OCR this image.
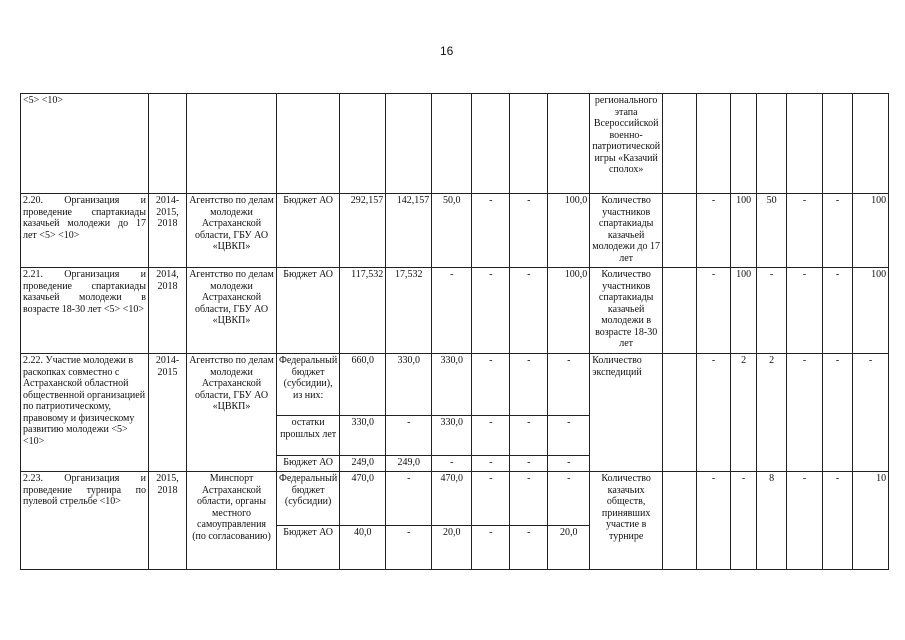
16
<5> <10>										регионального этапа Всероссийской военно-патриотической игры «Казачий сполох»							
2.20. Организация и проведение спартакиады казачьей молодежи до 17 лет <5> <10>	2014-2015, 2018	Агентство по делам молодежи Астраханской области, ГБУ АО «ЦВКП»	Бюджет АО	292,157	142,157	50,0	-	-	100,0	Количество участников спартакиады казачьей молодежи до 17 лет		-	100	50	-	-	100
2.21. Организация и проведение спартакиады казачьей молодежи в возрасте 18-30 лет <5> <10>	2014, 2018	Агентство по делам молодежи Астраханской области, ГБУ АО «ЦВКП»	Бюджет АО	117,532	17,532	-	-	-	100,0	Количество участников спартакиады казачьей молодежи в возрасте 18-30 лет		-	100	-	-	-	100
2.22. Участие молодежи в раскопках совместно с Астраханской областной общественной организацией по патриотическому, правовому и физическому развитию молодежи <5> <10>	2014-2015	Агентство по делам молодежи Астраханской области, ГБУ АО «ЦВКП»	Федеральный бюджет (субсидии), из них:	660,0	330,0	330,0	-	-	-	Количество экспедиций		-	2	2	-	-	-
			остатки прошлых лет	330,0	-	330,0	-	-	-								
			Бюджет АО	249,0	249,0	-	-	-	-								
2.23. Организация и проведение турнира по пулевой стрельбе <10>	2015, 2018	Минспорт Астраханской области, органы местного самоуправления (по согласованию)	Федеральный бюджет (субсидии)	470,0	-	470,0	-	-	-	Количество казачьих обществ, принявших участие в турнире		-	-	8	-	-	10
			Бюджет АО	40,0	-	20,0	-	-	20,0								
